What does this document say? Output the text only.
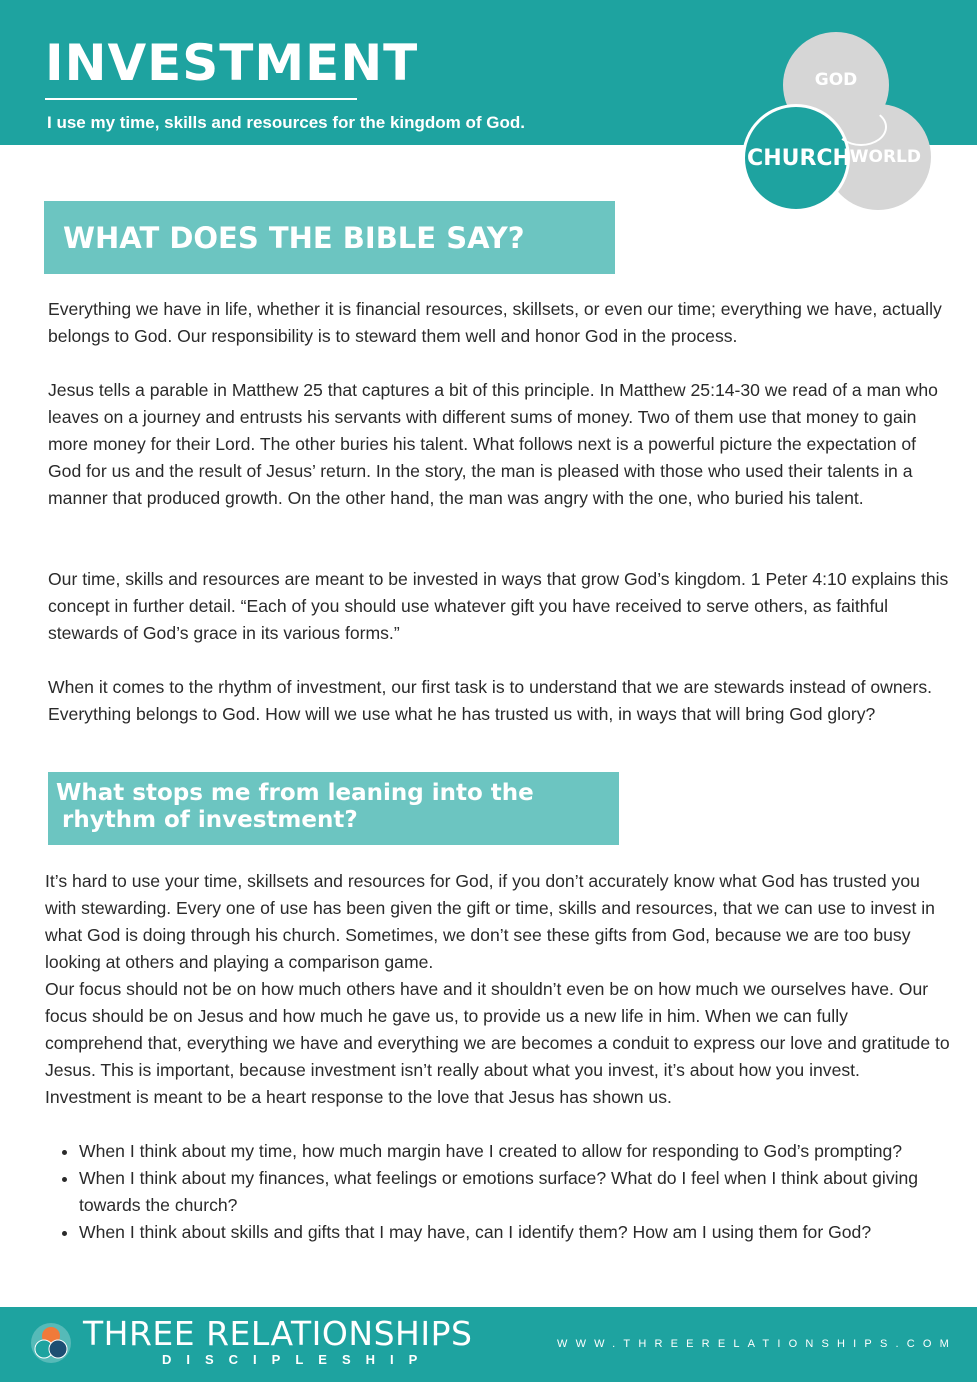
INVESTMENT

I use my time, skills and resources for the kingdom of God.

GOD
WORLD
CHURCH
WHAT DOES THE BIBLE SAY?

Everything we have in life, whether it is financial resources, skillsets, or even our time; everything we have, actually belongs to God. Our responsibility is to steward them well and honor God in the process.

Jesus tells a parable in Matthew 25 that captures a bit of this principle. In Matthew 25:14-30 we read of a man who leaves on a journey and entrusts his servants with different sums of money. Two of them use that money to gain more money for their Lord. The other buries his talent. What follows next is a powerful picture the expectation of God for us and the result of Jesus’ return. In the story, the man is pleased with those who used their talents in a manner that produced growth. On the other hand, the man was angry with the one, who buried his talent.

Our time, skills and resources are meant to be invested in ways that grow God’s kingdom. 1 Peter 4:10 explains this concept in further detail. “Each of you should use whatever gift you have received to serve others, as faithful stewards of God’s grace in its various forms.”

When it comes to the rhythm of investment, our first task is to understand that we are stewards instead of owners. Everything belongs to God. How will we use what he has trusted us with, in ways that will bring God glory?

What stops me from leaning into the
rhythm of investment?

It’s hard to use your time, skillsets and resources for God, if you don’t accurately know what God has trusted you with stewarding. Every one of use has been given the gift or time, skills and resources, that we can use to invest in what God is doing through his church. Sometimes, we don’t see these gifts from God, because we are too busy looking at others and playing a comparison game.

Our focus should not be on how much others have and it shouldn’t even be on how much we ourselves have. Our focus should be on Jesus and how much he gave us, to provide us a new life in him. When we can fully comprehend that, everything we have and everything we are becomes a conduit to express our love and gratitude to Jesus. This is important, because investment isn’t really about what you invest, it’s about how you invest. Investment is meant to be a heart response to the love that Jesus has shown us.

• When I think about my time, how much margin have I created to allow for responding to God’s prompting?
• When I think about my finances, what feelings or emotions surface? What do I feel when I think about giving towards the church?
• When I think about skills and gifts that I may have, can I identify them? How am I using them for God?

THREE RELATIONSHIPS

DISCIPLESHIP

WWW.THREERELATIONSHIPS.COM
